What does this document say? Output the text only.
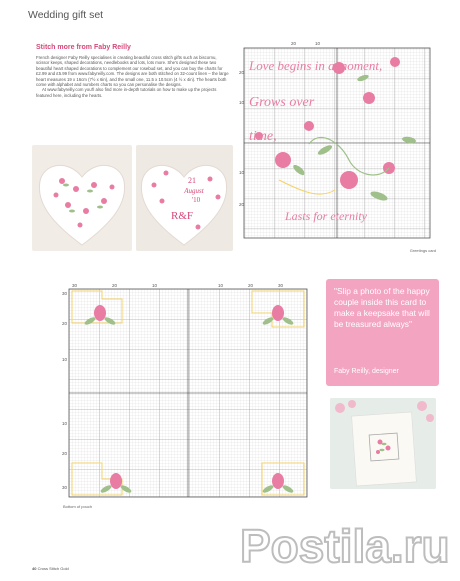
Wedding gift set
Stitch more from Faby Reilly

French designer Faby Reilly specialises in creating beautiful cross stitch gifts such as biscornu, scissor keeps, shaped decorations, needlebooks and lots, lots more. She's designed these two beautiful heart shaped decorations to complement our rosebud set, and you can buy the charts for £2.99 and £5.99 from www.fabyreilly.com. The designs are both stitched on 32-count linen – the large heart measures 19 x 16cm (7½ x 6in), and the small one, 11.5 x 10.5cm (4 ½ x 4in). The hearts both come with alphabet and numbers charts so you can personalise the designs.

At www.fabyreilly.com you'll also find more in-depth tutorials on how to make up the projects featured here, including the hearts.

21
August
'10
R&F
Love begins in a moment,
Grows over
time,
Lasts for eternity
20	10
20
10
10
20
Greetings card
30	20	10	10	20	30
30
20
10
10
20
30
Bottom of pouch
"Slip a photo of the happy couple inside this card to make a keepsake that will be treasured always"
Faby Reilly, designer
40 Cross Stitch Gold	Postila.ru
